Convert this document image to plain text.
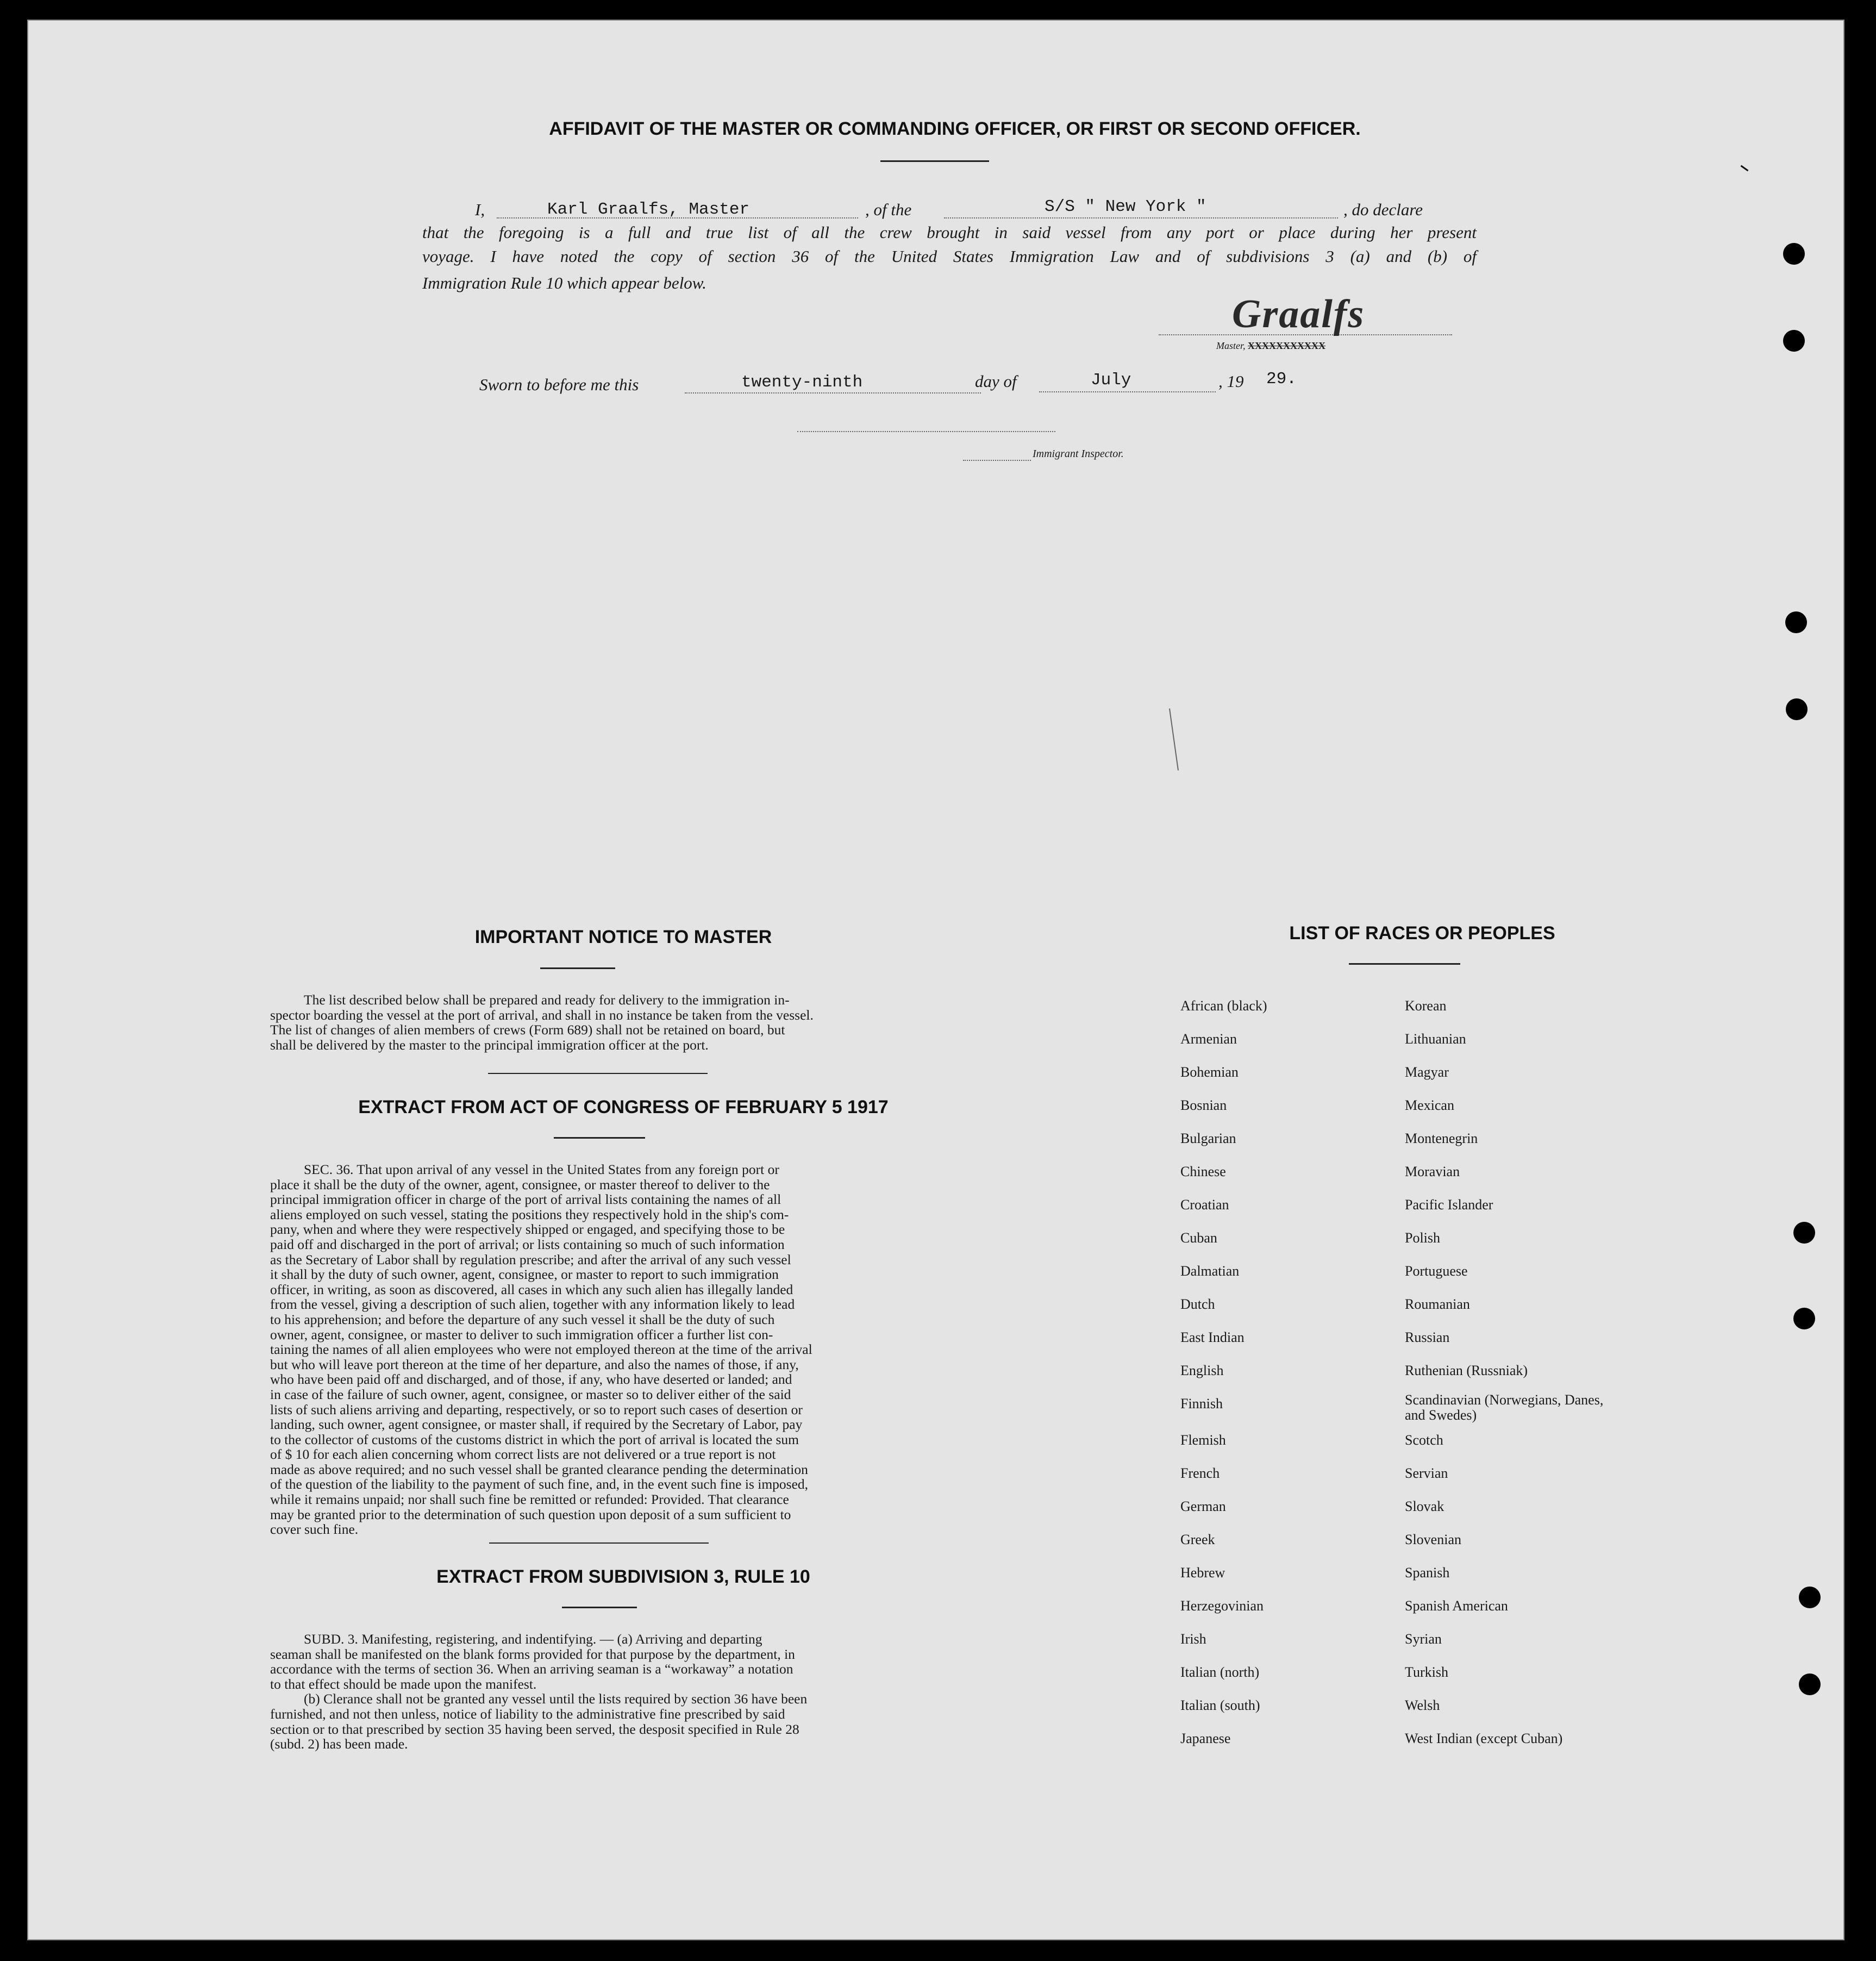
AFFIDAVIT OF THE MASTER OR COMMANDING OFFICER, OR FIRST OR SECOND OFFICER.
I,	Karl Graalfs, Master	, of the	S/S " New York "	, do declare
that the foregoing is a full and true list of all the crew brought in said vessel from any port or place during her present
voyage. I have noted the copy of section 36 of the United States Immigration Law and of subdivisions 3 (a) and (b) of
Immigration Rule 10 which appear below.
Graalfs
Master, XXXXXXXXXXX
Sworn to before me this	twenty-ninth	day of	July	, 19 29.
Immigrant Inspector.
IMPORTANT NOTICE TO MASTER
The list described below shall be prepared and ready for delivery to the immigration in-
spector boarding the vessel at the port of arrival, and shall in no instance be taken from the vessel.
The list of changes of alien members of crews (Form 689) shall not be retained on board, but
shall be delivered by the master to the principal immigration officer at the port.
EXTRACT FROM ACT OF CONGRESS OF FEBRUARY 5 1917
SEC. 36. That upon arrival of any vessel in the United States from any foreign port or
place it shall be the duty of the owner, agent, consignee, or master thereof to deliver to the
principal immigration officer in charge of the port of arrival lists containing the names of all
aliens employed on such vessel, stating the positions they respectively hold in the ship's com-
pany, when and where they were respectively shipped or engaged, and specifying those to be
paid off and discharged in the port of arrival; or lists containing so much of such information
as the Secretary of Labor shall by regulation prescribe; and after the arrival of any such vessel
it shall by the duty of such owner, agent, consignee, or master to report to such immigration
officer, in writing, as soon as discovered, all cases in which any such alien has illegally landed
from the vessel, giving a description of such alien, together with any information likely to lead
to his apprehension; and before the departure of any such vessel it shall be the duty of such
owner, agent, consignee, or master to deliver to such immigration officer a further list con-
taining the names of all alien employees who were not employed thereon at the time of the arrival
but who will leave port thereon at the time of her departure, and also the names of those, if any,
who have been paid off and discharged, and of those, if any, who have deserted or landed; and
in case of the failure of such owner, agent, consignee, or master so to deliver either of the said
lists of such aliens arriving and departing, respectively, or so to report such cases of desertion or
landing, such owner, agent consignee, or master shall, if required by the Secretary of Labor, pay
to the collector of customs of the customs district in which the port of arrival is located the sum
of $ 10 for each alien concerning whom correct lists are not delivered or a true report is not
made as above required; and no such vessel shall be granted clearance pending the determination
of the question of the liability to the payment of such fine, and, in the event such fine is imposed,
while it remains unpaid; nor shall such fine be remitted or refunded: Provided. That clearance
may be granted prior to the determination of such question upon deposit of a sum sufficient to
cover such fine.
EXTRACT FROM SUBDIVISION 3, RULE 10
SUBD. 3. Manifesting, registering, and indentifying. — (a) Arriving and departing
seaman shall be manifested on the blank forms provided for that purpose by the department, in
accordance with the terms of section 36. When an arriving seaman is a “workaway” a notation
to that effect should be made upon the manifest.
(b) Clerance shall not be granted any vessel until the lists required by section 36 have been
furnished, and not then unless, notice of liability to the administrative fine prescribed by said
section or to that prescribed by section 35 having been served, the desposit specified in Rule 28
(subd. 2) has been made.
LIST OF RACES OR PEOPLES
African (black)
Armenian
Bohemian
Bosnian
Bulgarian
Chinese
Croatian
Cuban
Dalmatian
Dutch
East Indian
English
Finnish
Flemish
French
German
Greek
Hebrew
Herzegovinian
Irish
Italian (north)
Italian (south)
Japanese
Korean
Lithuanian
Magyar
Mexican
Montenegrin
Moravian
Pacific Islander
Polish
Portuguese
Roumanian
Russian
Ruthenian (Russniak)
Scandinavian (Norwegians, Danes, and Swedes)
Scotch
Servian
Slovak
Slovenian
Spanish
Spanish American
Syrian
Turkish
Welsh
West Indian (except Cuban)
